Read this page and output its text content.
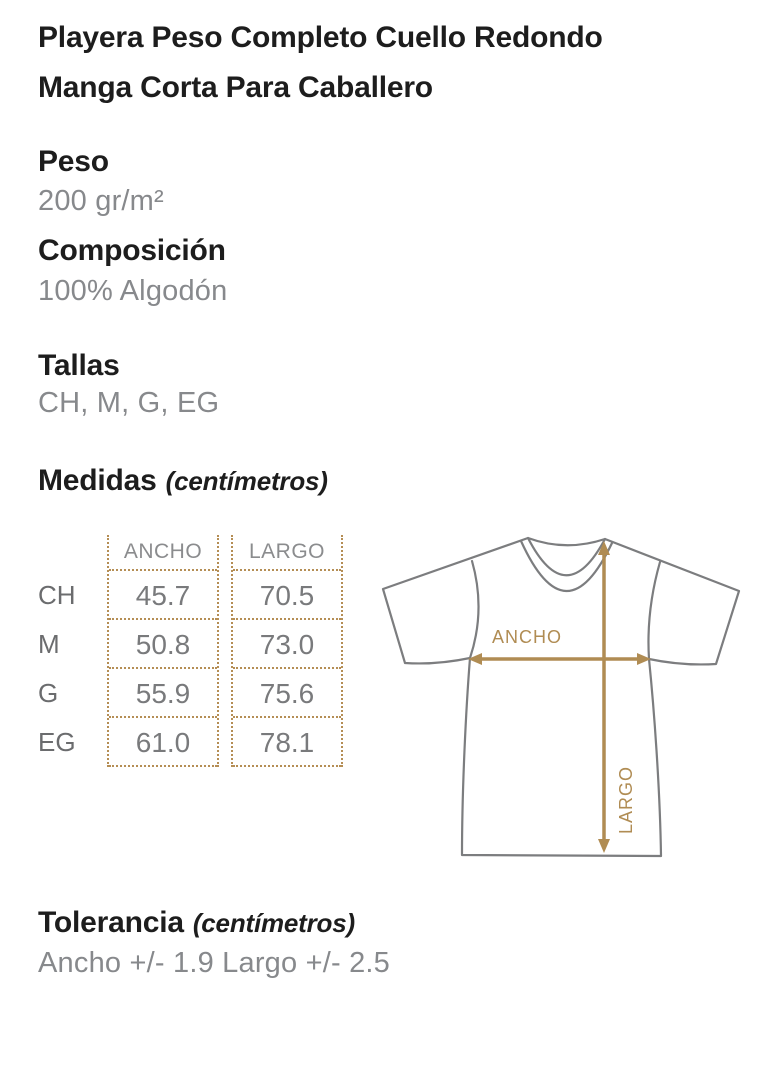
Playera Peso Completo Cuello Redondo
Manga Corta Para Caballero
Peso
200 gr/m²
Composición
100% Algodón
Tallas
CH, M, G, EG
Medidas (centímetros)
CH
M
G
EG
ANCHO
45.7
50.8
55.9
61.0
LARGO
70.5
73.0
75.6
78.1
ANCHO
LARGO
Tolerancia (centímetros)
Ancho +/- 1.9 Largo +/- 2.5
